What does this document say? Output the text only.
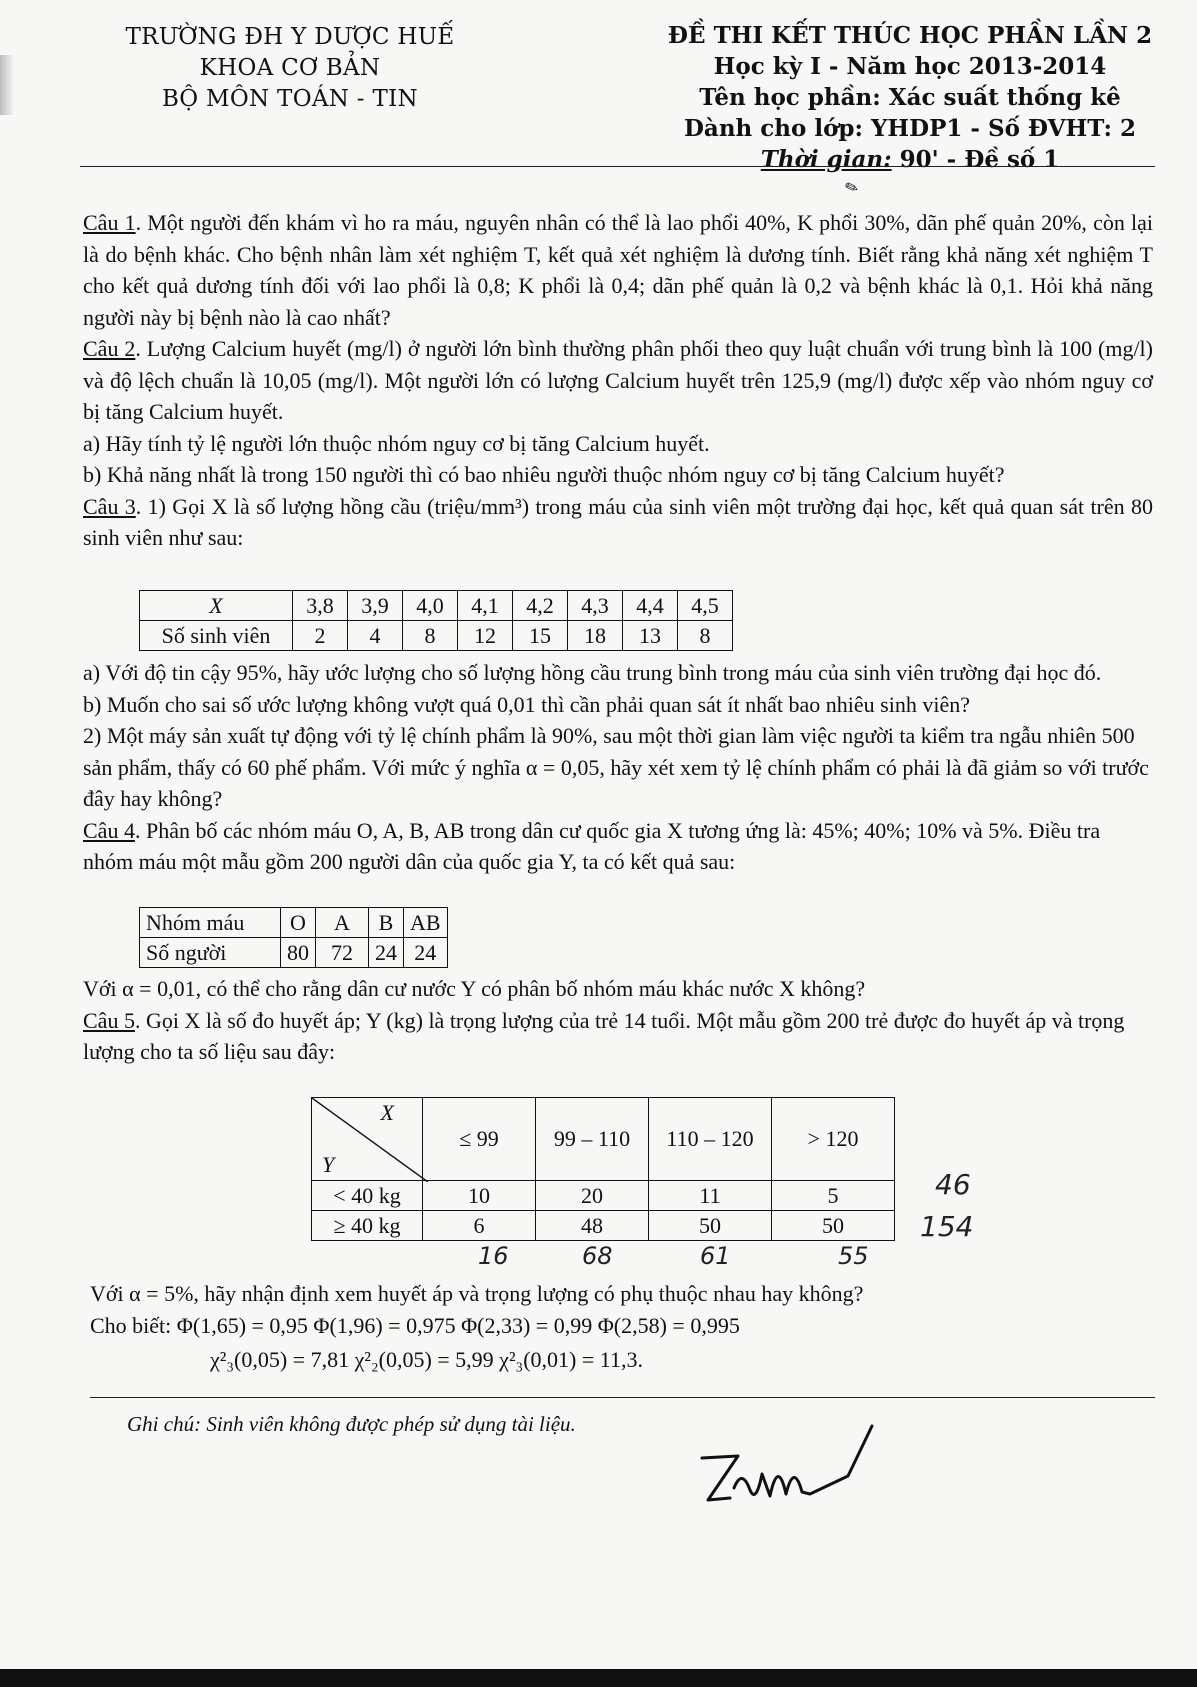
TRƯỜNG ĐH Y DƯỢC HUẾ
KHOA CƠ BẢN
BỘ MÔN TOÁN - TIN
ĐỀ THI KẾT THÚC HỌC PHẦN LẦN 2
Học kỳ I - Năm học 2013-2014
Tên học phần: Xác suất thống kê
Dành cho lớp: YHDP1 - Số ĐVHT: 2
Thời gian: 90' - Đề số 1
✎

Câu 1. Một người đến khám vì ho ra máu, nguyên nhân có thể là lao phổi 40%, K phổi 30%, dãn phế quản 20%, còn lại là do bệnh khác. Cho bệnh nhân làm xét nghiệm T, kết quả xét nghiệm là dương tính. Biết rằng khả năng xét nghiệm T cho kết quả dương tính đối với lao phổi là 0,8; K phổi là 0,4; dãn phế quản là 0,2 và bệnh khác là 0,1. Hỏi khả năng người này bị bệnh nào là cao nhất?

Câu 2. Lượng Calcium huyết (mg/l) ở người lớn bình thường phân phối theo quy luật chuẩn với trung bình là 100 (mg/l) và độ lệch chuẩn là 10,05 (mg/l). Một người lớn có lượng Calcium huyết trên 125,9 (mg/l) được xếp vào nhóm nguy cơ bị tăng Calcium huyết.

a) Hãy tính tỷ lệ người lớn thuộc nhóm nguy cơ bị tăng Calcium huyết.

b) Khả năng nhất là trong 150 người thì có bao nhiêu người thuộc nhóm nguy cơ bị tăng Calcium huyết?

Câu 3. 1) Gọi X là số lượng hồng cầu (triệu/mm³) trong máu của sinh viên một trường đại học, kết quả quan sát trên 80 sinh viên như sau:

X	3,8	3,9	4,0	4,1	4,2	4,3	4,4	4,5
Số sinh viên	2	4	8	12	15	18	13	8
a) Với độ tin cậy 95%, hãy ước lượng cho số lượng hồng cầu trung bình trong máu của sinh viên trường đại học đó.
b) Muốn cho sai số ước lượng không vượt quá 0,01 thì cần phải quan sát ít nhất bao nhiêu sinh viên?
2) Một máy sản xuất tự động với tỷ lệ chính phẩm là 90%, sau một thời gian làm việc người ta kiểm tra ngẫu nhiên 500 sản phẩm, thấy có 60 phế phẩm. Với mức ý nghĩa α = 0,05, hãy xét xem tỷ lệ chính phẩm có phải là đã giảm so với trước đây hay không?
Câu 4. Phân bố các nhóm máu O, A, B, AB trong dân cư quốc gia X tương ứng là: 45%; 40%; 10% và 5%. Điều tra nhóm máu một mẫu gồm 200 người dân của quốc gia Y, ta có kết quả sau:
Nhóm máu	O	A	B	AB
Số người	80	72	24	24
Với α = 0,01, có thể cho rằng dân cư nước Y có phân bố nhóm máu khác nước X không?
Câu 5. Gọi X là số đo huyết áp; Y (kg) là trọng lượng của trẻ 14 tuổi. Một mẫu gồm 200 trẻ được đo huyết áp và trọng lượng cho ta số liệu sau đây:
X
Y	≤ 99	99 – 110	110 – 120	> 120
< 40 kg	10	20	11	5
≥ 40 kg	6	48	50	50
46
154
16	68	61	55
Với α = 5%, hãy nhận định xem huyết áp và trọng lượng có phụ thuộc nhau hay không?
Cho biết: Φ(1,65) = 0,95 Φ(1,96) = 0,975 Φ(2,33) = 0,99 Φ(2,58) = 0,995
χ²₃(0,05) = 7,81 χ²₂(0,05) = 5,99 χ²₃(0,01) = 11,3.
Ghi chú: Sinh viên không được phép sử dụng tài liệu.
